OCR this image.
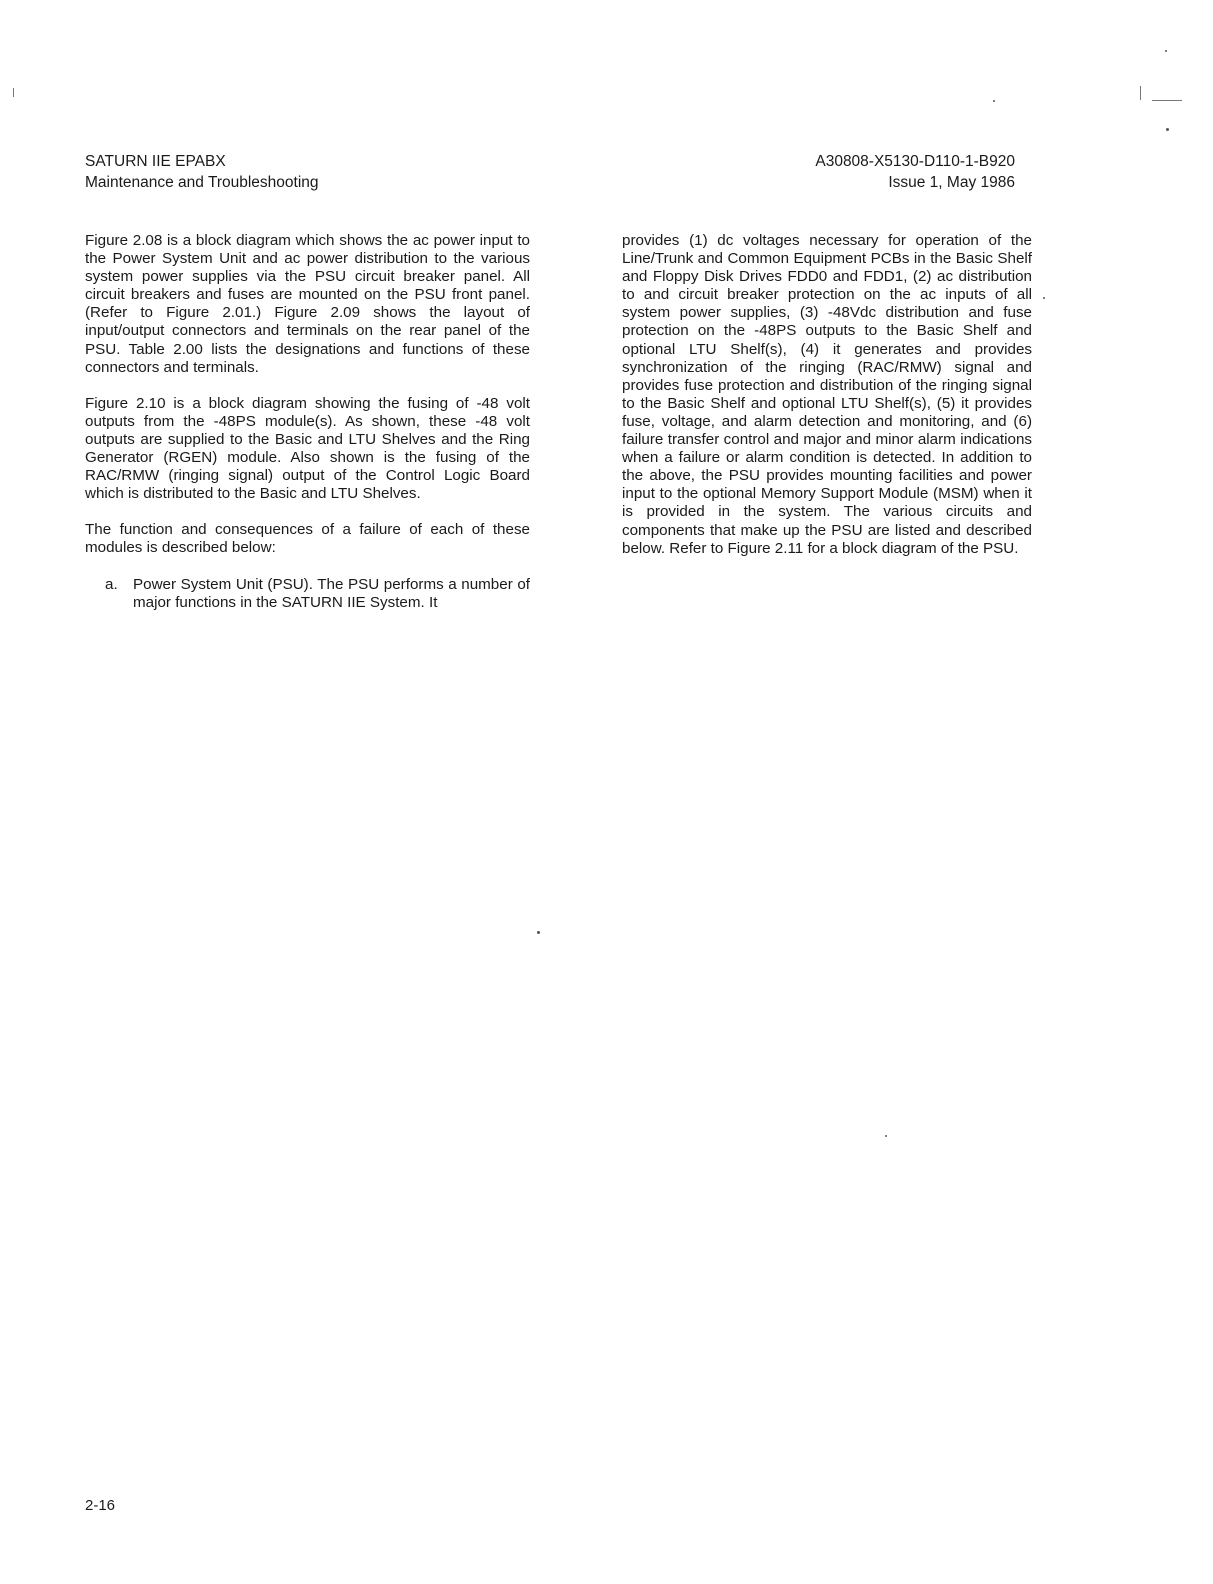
SATURN IIE EPABX
Maintenance and Troubleshooting
A30808-X5130-D110-1-B920
Issue 1, May 1986

Figure 2.08 is a block diagram which shows the ac power input to the Power System Unit and ac power distribution to the various system power supplies via the PSU circuit breaker panel. All circuit breakers and fuses are mounted on the PSU front panel. (Refer to Figure 2.01.) Figure 2.09 shows the layout of input/output connectors and terminals on the rear panel of the PSU. Table 2.00 lists the designations and functions of these connectors and terminals.

Figure 2.10 is a block diagram showing the fusing of -48 volt outputs from the -48PS module(s). As shown, these -48 volt outputs are supplied to the Basic and LTU Shelves and the Ring Generator (RGEN) module. Also shown is the fusing of the RAC/RMW (ringing signal) output of the Control Logic Board which is distributed to the Basic and LTU Shelves.

The function and consequences of a failure of each of these modules is described below:

a.	Power System Unit (PSU). The PSU performs a number of major functions in the SATURN IIE System. It

provides (1) dc voltages necessary for operation of the Line/Trunk and Common Equipment PCBs in the Basic Shelf and Floppy Disk Drives FDD0 and FDD1, (2) ac distribution to and circuit breaker protection on the ac inputs of all system power supplies, (3) -48Vdc distribution and fuse protection on the -48PS outputs to the Basic Shelf and optional LTU Shelf(s), (4) it generates and provides synchronization of the ringing (RAC/RMW) signal and provides fuse protection and distribution of the ringing signal to the Basic Shelf and optional LTU Shelf(s), (5) it provides fuse, voltage, and alarm detection and monitoring, and (6) failure transfer control and major and minor alarm indications when a failure or alarm condition is detected. In addition to the above, the PSU provides mounting facilities and power input to the optional Memory Support Module (MSM) when it is provided in the system. The various circuits and components that make up the PSU are listed and described below. Refer to Figure 2.11 for a block diagram of the PSU.

2-16
